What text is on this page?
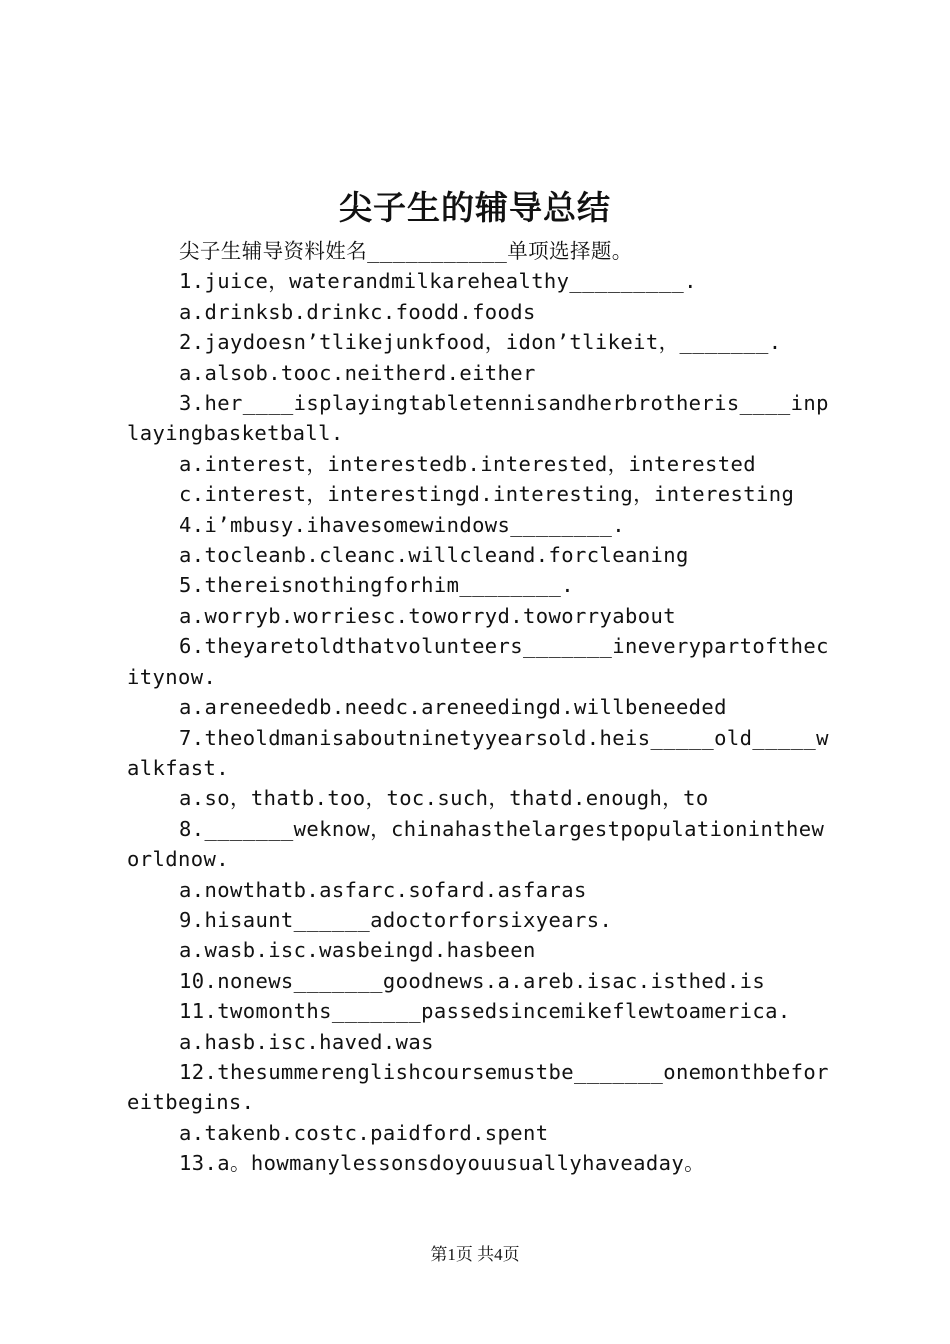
尖子生的辅导总结

尖子生辅导资料姓名___________单项选择题。

1.juice，waterandmilkarehealthy_________.

a.drinksb.drinkc.foodd.foods

2.jaydoesn’tlikejunkfood，idon’tlikeit，_______.

a.alsob.tooc.neitherd.either

3.her____isplayingtabletennisandherbrotheris____inplayingbasketball.

a.interest，interestedb.interested，interested

c.interest，interestingd.interesting，interesting

4.i’mbusy.ihavesomewindows________.

a.tocleanb.cleanc.willcleand.forcleaning

5.thereisnothingforhim________.

a.worryb.worriesc.toworryd.toworryabout

6.theyaretoldthatvolunteers_______ineverypartofthecitynow.

a.areneededb.needc.areneedingd.willbeneeded

7.theoldmanisaboutninetyyearsold.heis_____old_____walkfast.

a.so，thatb.too，toc.such，thatd.enough，to

8._______weknow，chinahasthelargestpopulationintheworldnow.

a.nowthatb.asfarc.sofard.asfaras

9.hisaunt______adoctorforsixyears.

a.wasb.isc.wasbeingd.hasbeen

10.nonews_______goodnews.a.areb.isac.isthed.is

11.twomonths_______passedsincemikeflewtoamerica.

a.hasb.isc.haved.was

12.thesummerenglishcoursemustbe_______onemonthbeforeitbegins.

a.takenb.costc.paidford.spent

13.a。howmanylessonsdoyouusuallyhaveaday。

第1页 共4页
